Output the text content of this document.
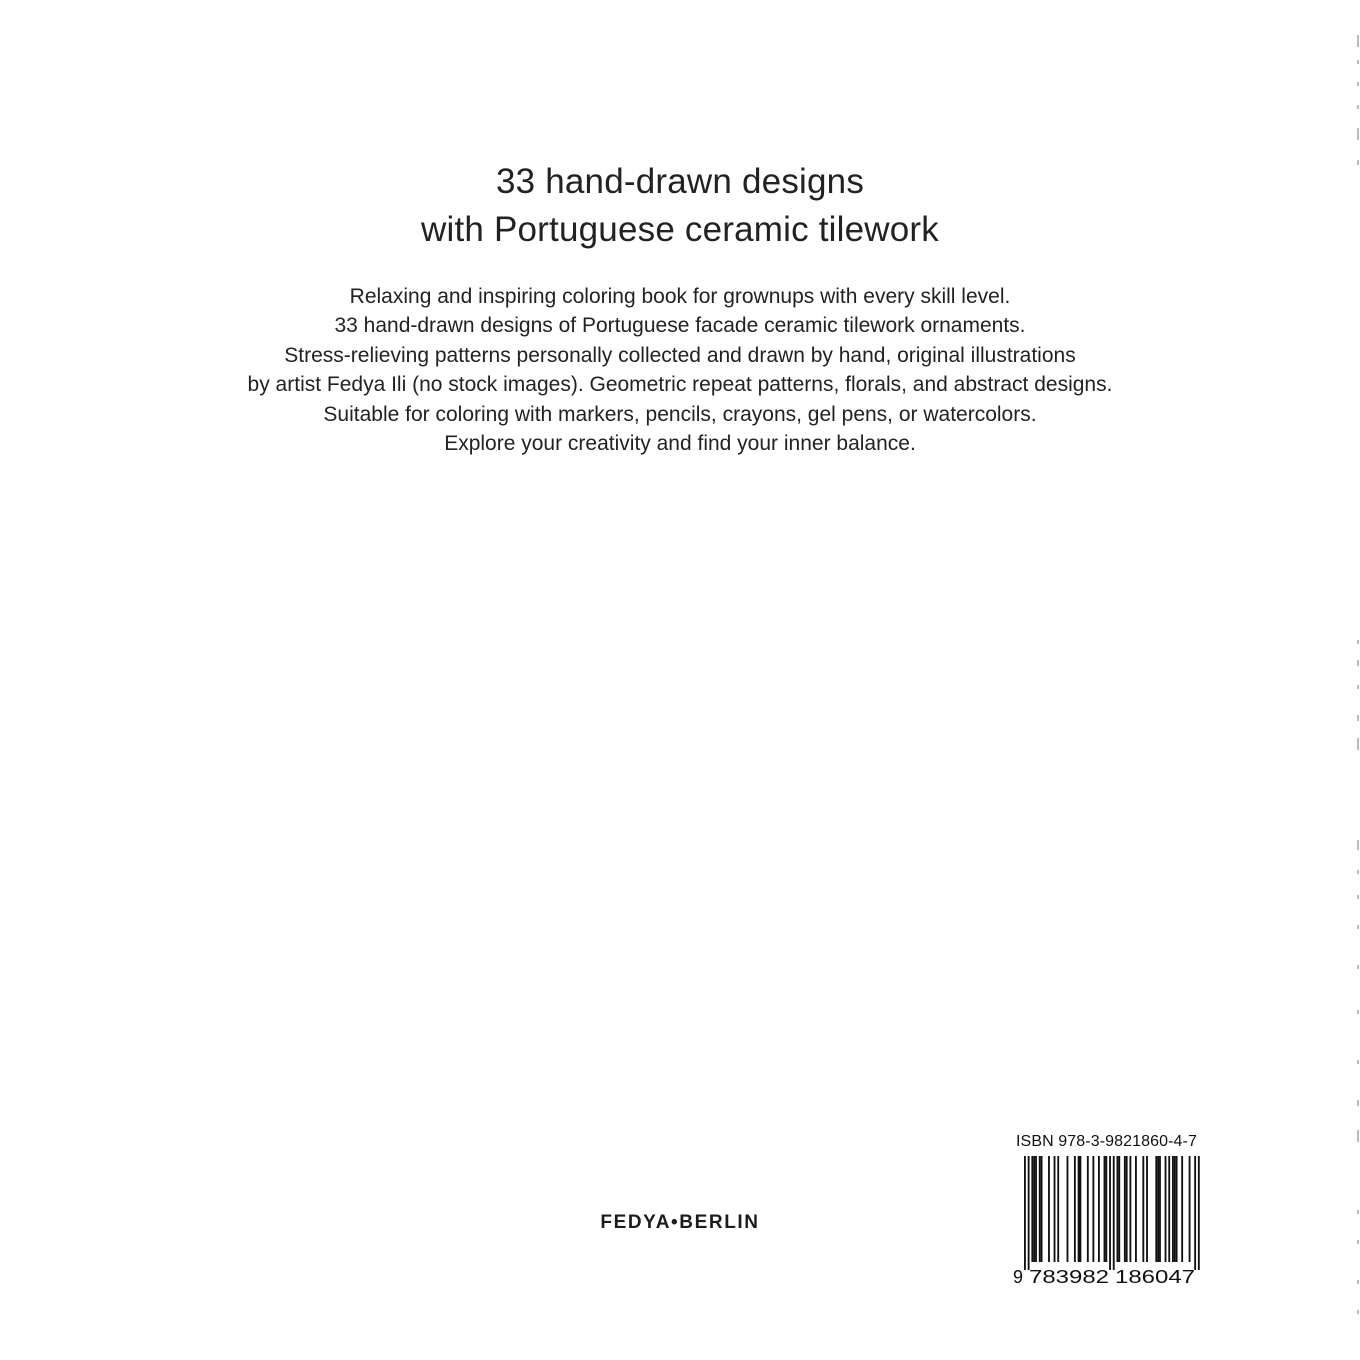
33 hand-drawn designs
with Portuguese ceramic tilework
Relaxing and inspiring coloring book for grownups with every skill level.
33 hand-drawn designs of Portuguese facade ceramic tilework ornaments.
Stress-relieving patterns personally collected and drawn by hand, original illustrations
by artist Fedya Ili (no stock images). Geometric repeat patterns, florals, and abstract designs.
Suitable for coloring with markers, pencils, crayons, gel pens, or watercolors.
Explore your creativity and find your inner balance.
FEDYA•BERLIN
ISBN 978-3-9821860-4-7
9 783982 186047
